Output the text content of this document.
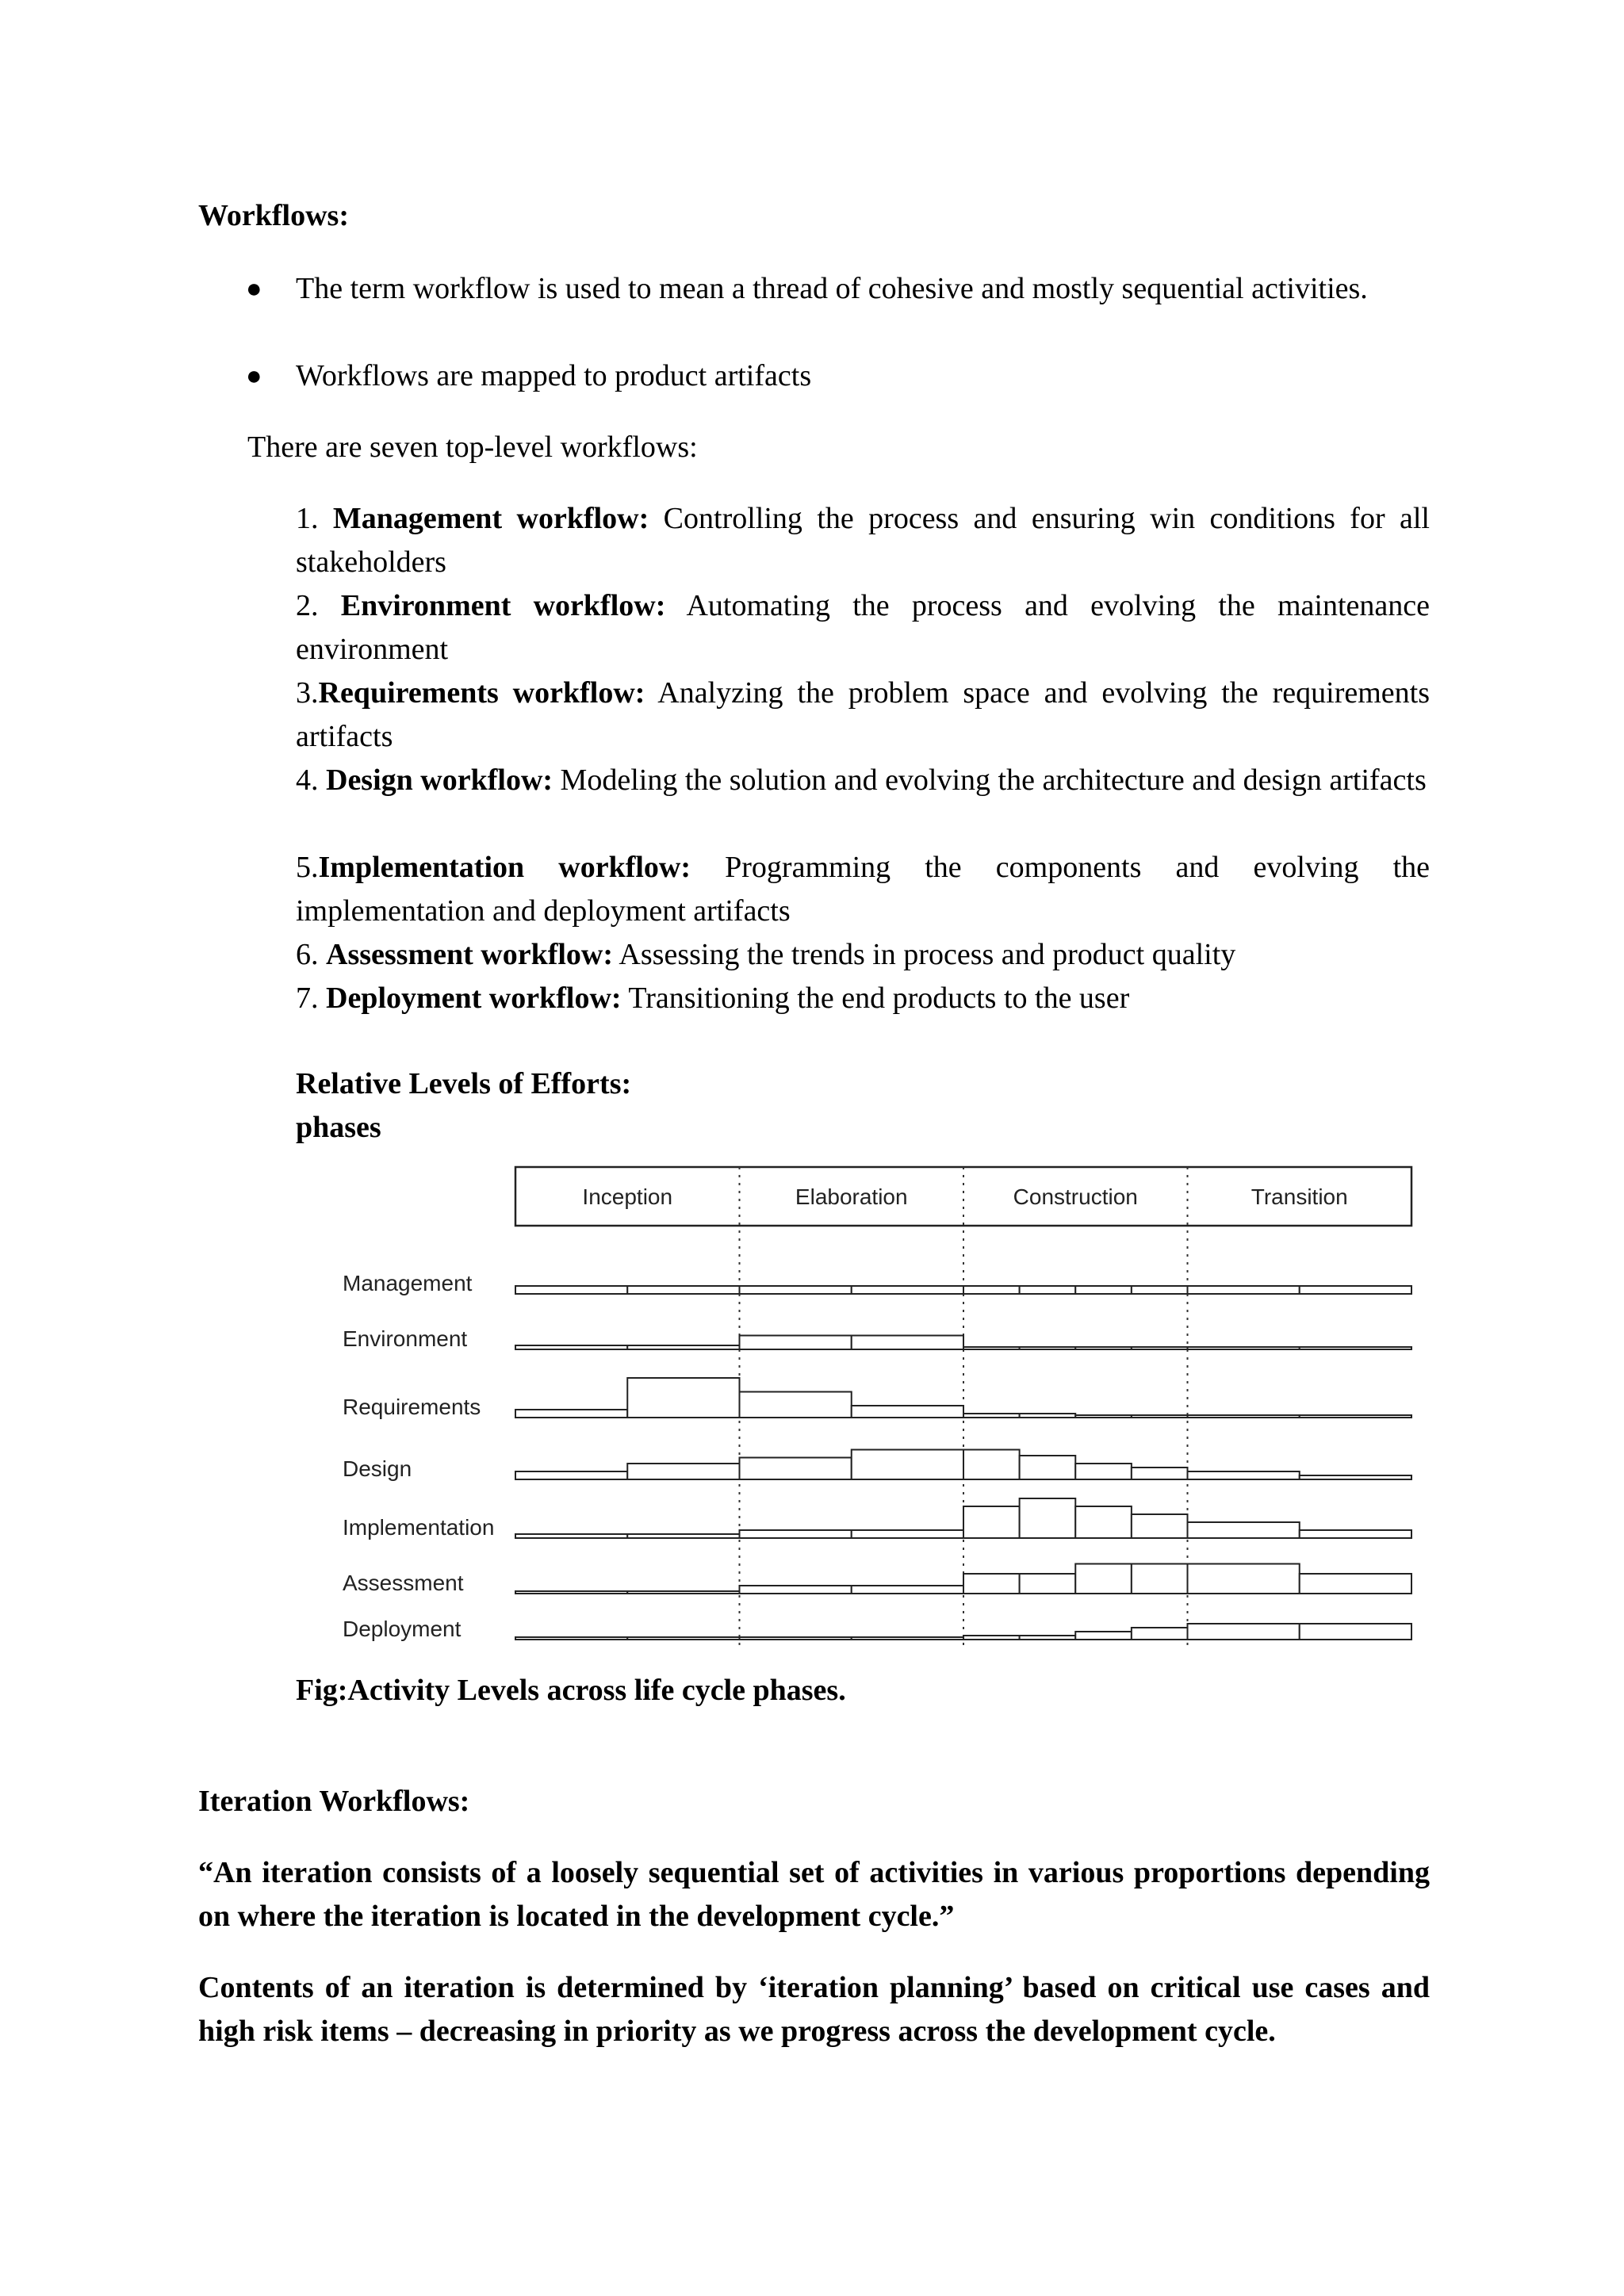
Workflows:
● The term workflow is used to mean a thread of cohesive and mostly sequential activities.

● Workflows are mapped to product artifacts

There are seven top-level workflows:

1. Management workflow: Controlling the process and ensuring win conditions for all stakeholders

2. Environment workflow: Automating the process and evolving the maintenance environment

3.Requirements workflow: Analyzing the problem space and evolving the requirements artifacts

4. Design workflow: Modeling the solution and evolving the architecture and design artifacts

5.Implementation workflow: Programming the components and evolving the implementation and deployment artifacts

6. Assessment workflow: Assessing the trends in process and product quality

7. Deployment workflow: Transitioning the end products to the user

Relative Levels of Efforts:
phases
Inception	Elaboration	Construction	Transition
Management
Environment
Requirements
Design
Implementation
Assessment
Deployment
Fig:Activity Levels across life cycle phases.
Iteration Workflows:

“An iteration consists of a loosely sequential set of activities in various proportions depending on where the iteration is located in the development cycle.”

Contents of an iteration is determined by ‘iteration planning’ based on critical use cases and high risk items – decreasing in priority as we progress across the development cycle.
